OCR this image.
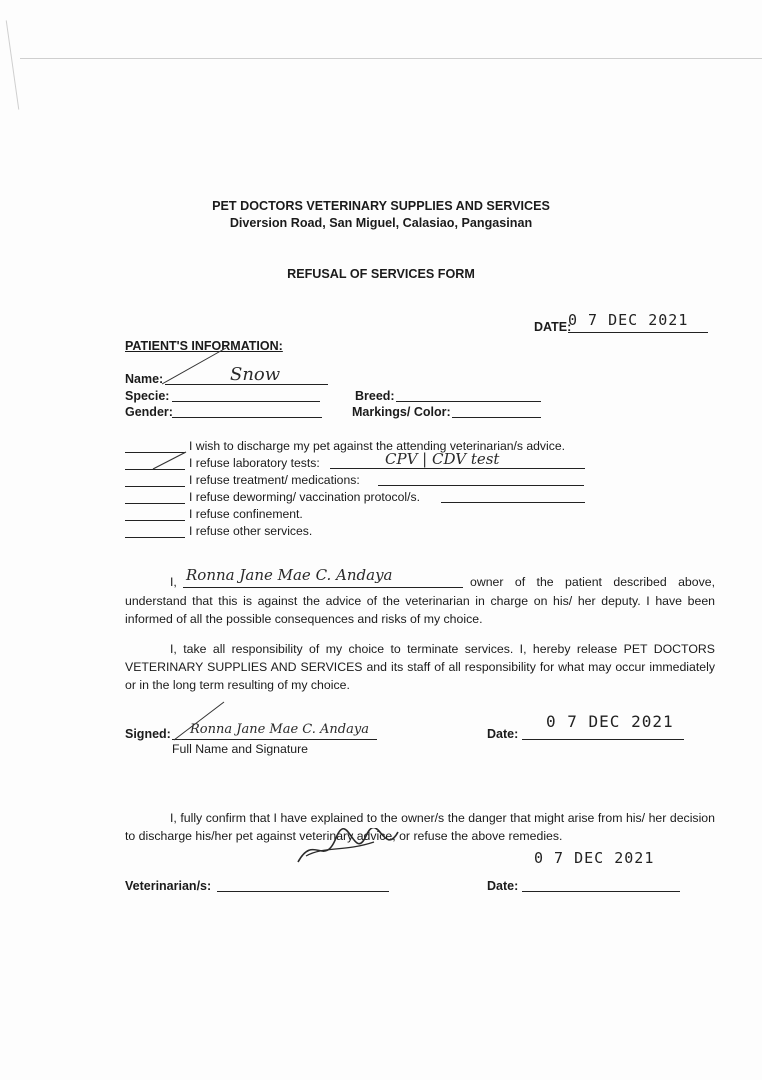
PET DOCTORS VETERINARY SUPPLIES AND SERVICES
Diversion Road, San Miguel, Calasiao, Pangasinan
REFUSAL OF SERVICES FORM
DATE:
0 7 DEC 2021
PATIENT'S INFORMATION:
Name:	Snow
Specie:	Breed:
Gender:	Markings/ Color:
I wish to discharge my pet against the attending veterinarian/s advice.
I refuse laboratory tests:	CPV | CDV test
I refuse treatment/ medications:
I refuse deworming/ vaccination protocol/s.
I refuse confinement.
I refuse other services.
I, Ronna Jane Mae C. Andaya	owner of the patient described above,

understand that this is against the advice of the veterinarian in charge on his/ her deputy. I have been informed of all the possible consequences and risks of my choice.

I, take all responsibility of my choice to terminate services. I, hereby release PET DOCTORS VETERINARY SUPPLIES AND SERVICES and its staff of all responsibility for what may occur immediately or in the long term resulting of my choice.

Signed: Ronna Jane Mae C. Andaya
Full Name and Signature
Date:
0 7 DEC 2021

I, fully confirm that I have explained to the owner/s the danger that might arise from his/ her decision to discharge his/her pet against veterinary advice, or refuse the above remedies.

Veterinarian/s:	Date:
0 7 DEC 2021
